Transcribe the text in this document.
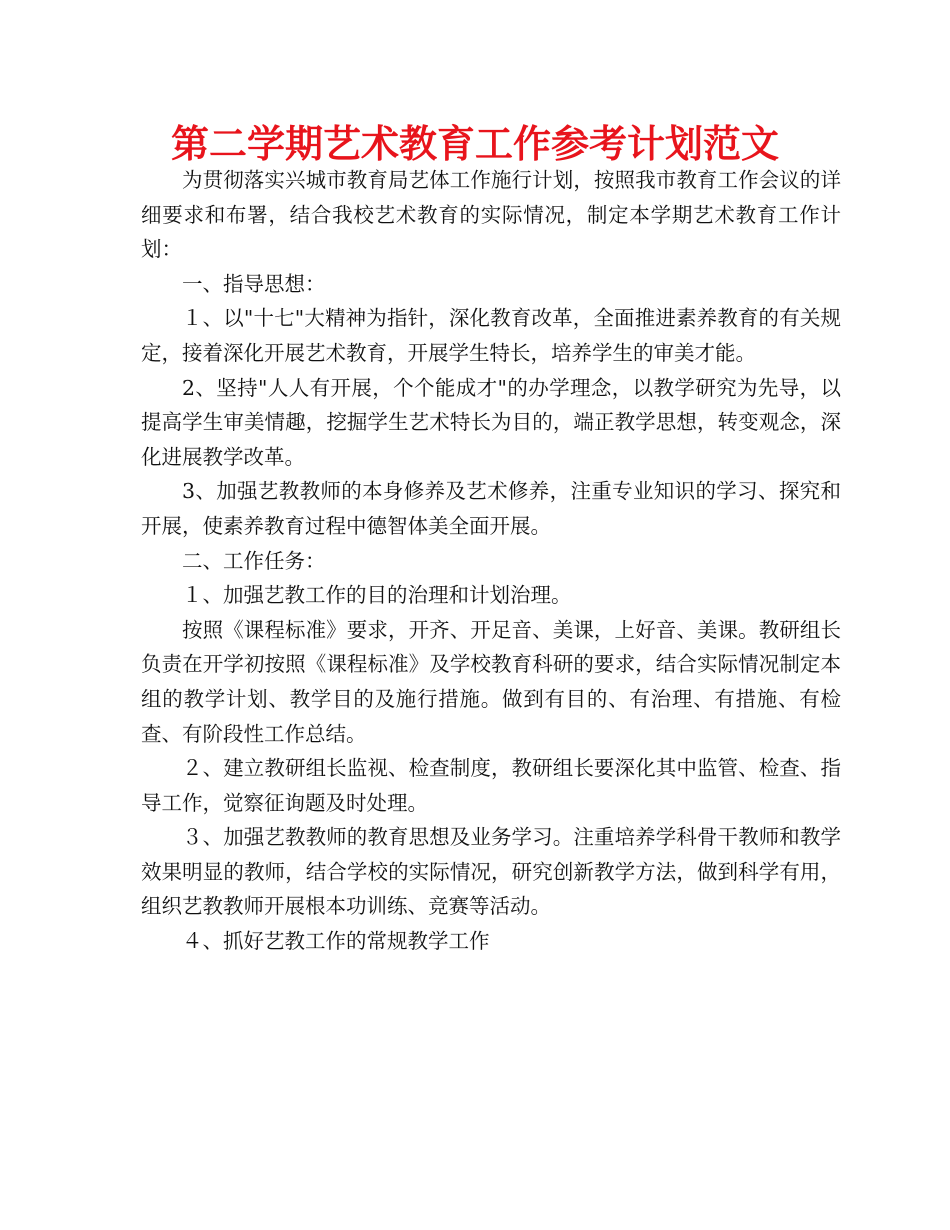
第二学期艺术教育工作参考计划范文

为贯彻落实兴城市教育局艺体工作施行计划，按照我市教育工作会议的详细要求和布署，结合我校艺术教育的实际情况，制定本学期艺术教育工作计划：

一、指导思想：

１、以"十七"大精神为指针，深化教育改革，全面推进素养教育的有关规定，接着深化开展艺术教育，开展学生特长，培养学生的审美才能。

2、坚持"人人有开展，个个能成才"的办学理念，以教学研究为先导，以提高学生审美情趣，挖掘学生艺术特长为目的，端正教学思想，转变观念，深化进展教学改革。

3、加强艺教教师的本身修养及艺术修养，注重专业知识的学习、探究和开展，使素养教育过程中德智体美全面开展。

二、工作任务：

１、加强艺教工作的目的治理和计划治理。

按照《课程标准》要求，开齐、开足音、美课，上好音、美课。教研组长负责在开学初按照《课程标准》及学校教育科研的要求，结合实际情况制定本组的教学计划、教学目的及施行措施。做到有目的、有治理、有措施、有检查、有阶段性工作总结。

２、建立教研组长监视、检查制度，教研组长要深化其中监管、检查、指导工作，觉察征询题及时处理。

３、加强艺教教师的教育思想及业务学习。注重培养学科骨干教师和教学效果明显的教师，结合学校的实际情况，研究创新教学方法，做到科学有用，组织艺教教师开展根本功训练、竞赛等活动。

４、抓好艺教工作的常规教学工作
